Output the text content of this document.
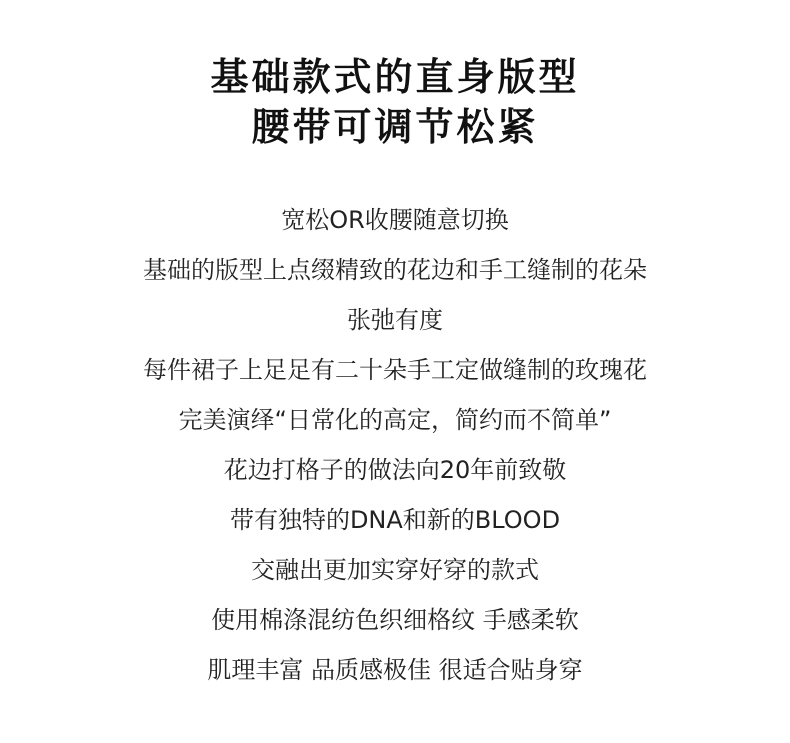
基础款式的直身版型
腰带可调节松紧
宽松OR收腰随意切换
基础的版型上点缀精致的花边和手工缝制的花朵
张弛有度
每件裙子上足足有二十朵手工定做缝制的玫瑰花
完美演绎“日常化的高定，简约而不简单”
花边打格子的做法向20年前致敬
带有独特的DNA和新的BLOOD
交融出更加实穿好穿的款式
使用棉涤混纺色织细格纹 手感柔软
肌理丰富 品质感极佳 很适合贴身穿
